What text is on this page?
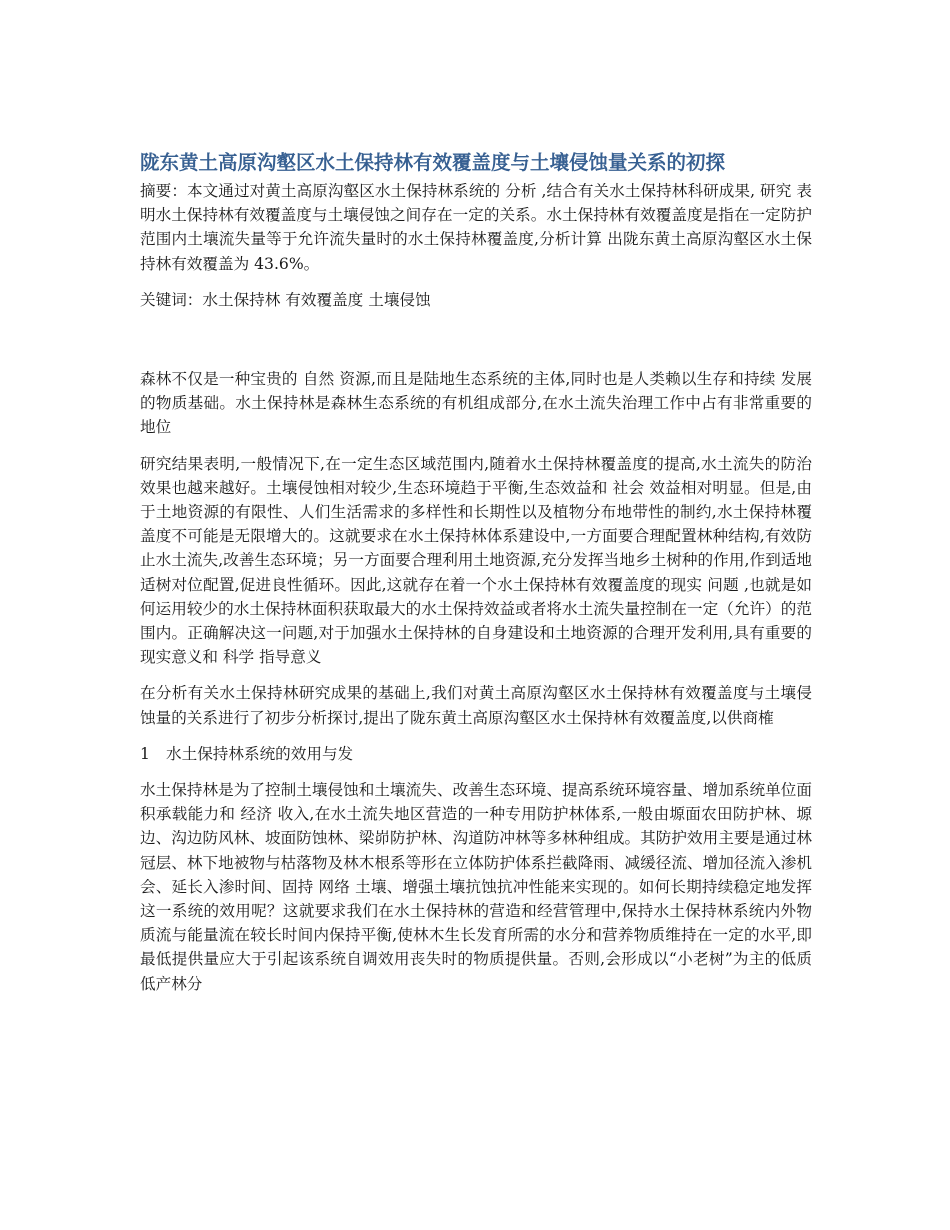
陇东黄土高原沟壑区水土保持林有效覆盖度与土壤侵蚀量关系的初探

摘要：本文通过对黄土高原沟壑区水土保持林系统的 分析 ,结合有关水土保持林科研成果, 研究 表明水土保持林有效覆盖度与土壤侵蚀之间存在一定的关系。水土保持林有效覆盖度是指在一定防护范围内土壤流失量等于允许流失量时的水土保持林覆盖度,分析计算 出陇东黄土高原沟壑区水土保持林有效覆盖为 43.6%。

关键词：水土保持林 有效覆盖度 土壤侵蚀

森林不仅是一种宝贵的 自然 资源,而且是陆地生态系统的主体,同时也是人类赖以生存和持续 发展 的物质基础。水土保持林是森林生态系统的有机组成部分,在水土流失治理工作中占有非常重要的地位

研究结果表明,一般情况下,在一定生态区域范围内,随着水土保持林覆盖度的提高,水土流失的防治效果也越来越好。土壤侵蚀相对较少,生态环境趋于平衡,生态效益和 社会 效益相对明显。但是,由于土地资源的有限性、人们生活需求的多样性和长期性以及植物分布地带性的制约,水土保持林覆盖度不可能是无限增大的。这就要求在水土保持林体系建设中,一方面要合理配置林种结构,有效防止水土流失,改善生态环境；另一方面要合理利用土地资源,充分发挥当地乡土树种的作用,作到适地适树对位配置,促进良性循环。因此,这就存在着一个水土保持林有效覆盖度的现实 问题 ,也就是如何运用较少的水土保持林面积获取最大的水土保持效益或者将水土流失量控制在一定（允许）的范围内。正确解决这一问题,对于加强水土保持林的自身建设和土地资源的合理开发利用,具有重要的现实意义和 科学 指导意义

在分析有关水土保持林研究成果的基础上,我们对黄土高原沟壑区水土保持林有效覆盖度与土壤侵蚀量的关系进行了初步分析探讨,提出了陇东黄土高原沟壑区水土保持林有效覆盖度,以供商榷

1 水土保持林系统的效用与发

水土保持林是为了控制土壤侵蚀和土壤流失、改善生态环境、提高系统环境容量、增加系统单位面积承载能力和 经济 收入,在水土流失地区营造的一种专用防护林体系,一般由塬面农田防护林、塬边、沟边防风林、坡面防蚀林、梁峁防护林、沟道防冲林等多林种组成。其防护效用主要是通过林冠层、林下地被物与枯落物及林木根系等形在立体防护体系拦截降雨、减缓径流、增加径流入渗机会、延长入渗时间、固持 网络 土壤、增强土壤抗蚀抗冲性能来实现的。如何长期持续稳定地发挥这一系统的效用呢？这就要求我们在水土保持林的营造和经营管理中,保持水土保持林系统内外物质流与能量流在较长时间内保持平衡,使林木生长发育所需的水分和营养物质维持在一定的水平,即最低提供量应大于引起该系统自调效用丧失时的物质提供量。否则,会形成以“小老树”为主的低质低产林分
